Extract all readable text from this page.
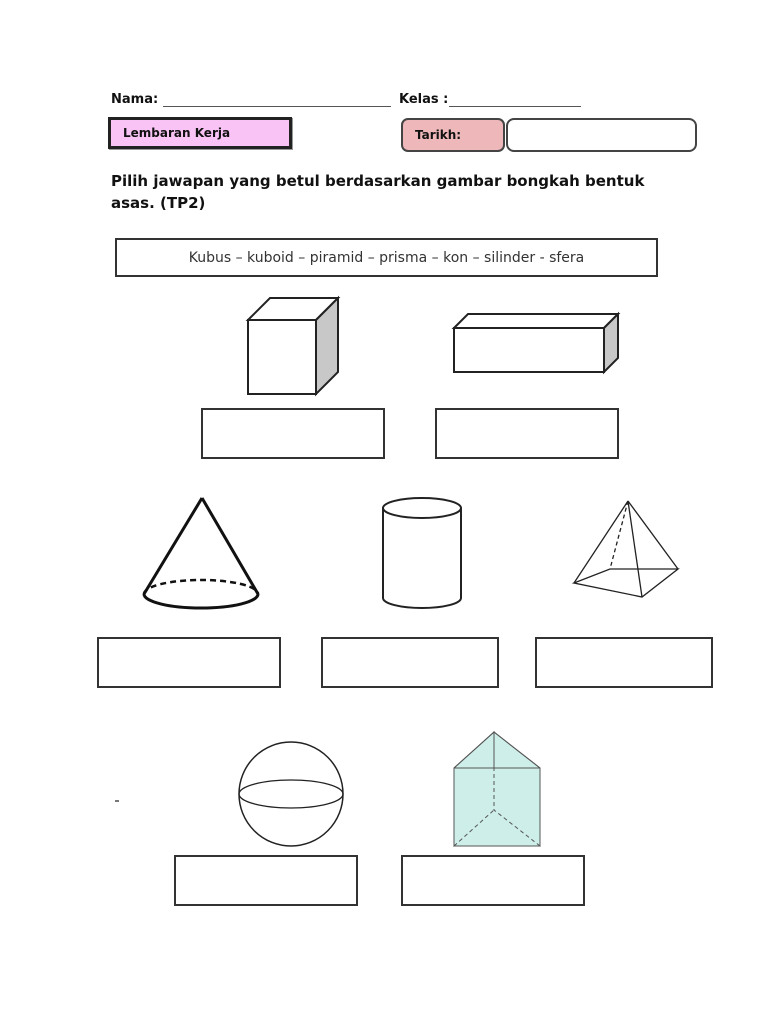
Nama:	Kelas :
Lembaran Kerja	Tarikh:
Pilih jawapan yang betul berdasarkan gambar bongkah bentuk
asas. (TP2)
Kubus – kuboid – piramid – prisma – kon – silinder - sfera
